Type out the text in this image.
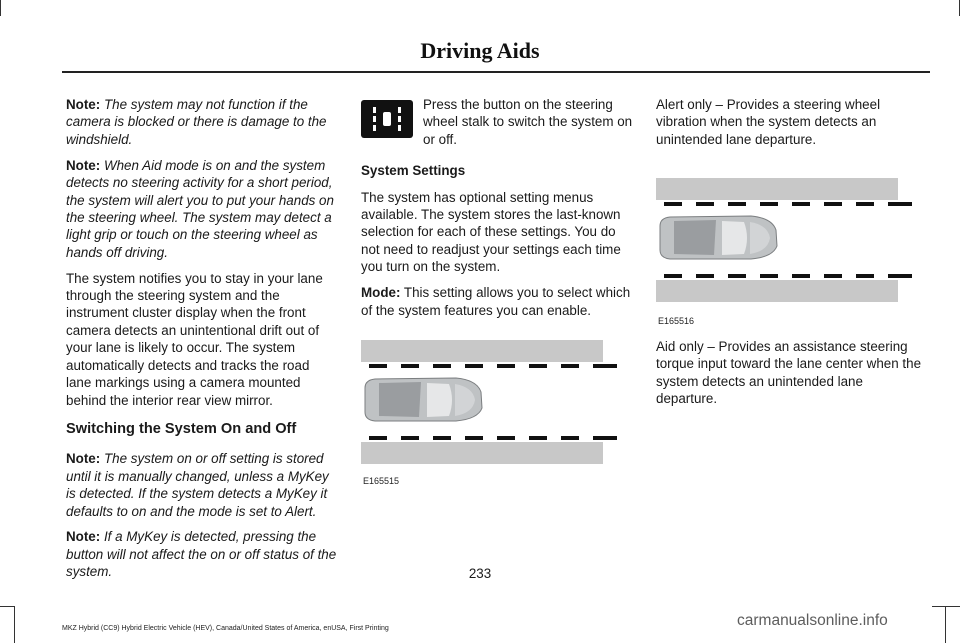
Driving Aids

Note: The system may not function if the camera is blocked or there is damage to the windshield.

Note: When Aid mode is on and the system detects no steering activity for a short period, the system will alert you to put your hands on the steering wheel. The system may detect a light grip or touch on the steering wheel as hands off driving.

The system notifies you to stay in your lane through the steering system and the instrument cluster display when the front camera detects an unintentional drift out of your lane is likely to occur. The system automatically detects and tracks the road lane markings using a camera mounted behind the interior rear view mirror.

Switching the System On and Off

Note: The system on or off setting is stored until it is manually changed, unless a MyKey is detected. If the system detects a MyKey it defaults to on and the mode is set to Alert.

Note: If a MyKey is detected, pressing the button will not affect the on or off status of the system.

Press the button on the steering wheel stalk to switch the system on or off.

System Settings

The system has optional setting menus available. The system stores the last-known selection for each of these settings. You do not need to readjust your settings each time you turn on the system.

Mode: This setting allows you to select which of the system features you can enable.

E165515

Alert only – Provides a steering wheel vibration when the system detects an unintended lane departure.

E165516

Aid only – Provides an assistance steering torque input toward the lane center when the system detects an unintended lane departure.

233
MKZ Hybrid (CC9) Hybrid Electric Vehicle (HEV), Canada/United States of America, enUSA, First Printing	carmanualsonline.info
